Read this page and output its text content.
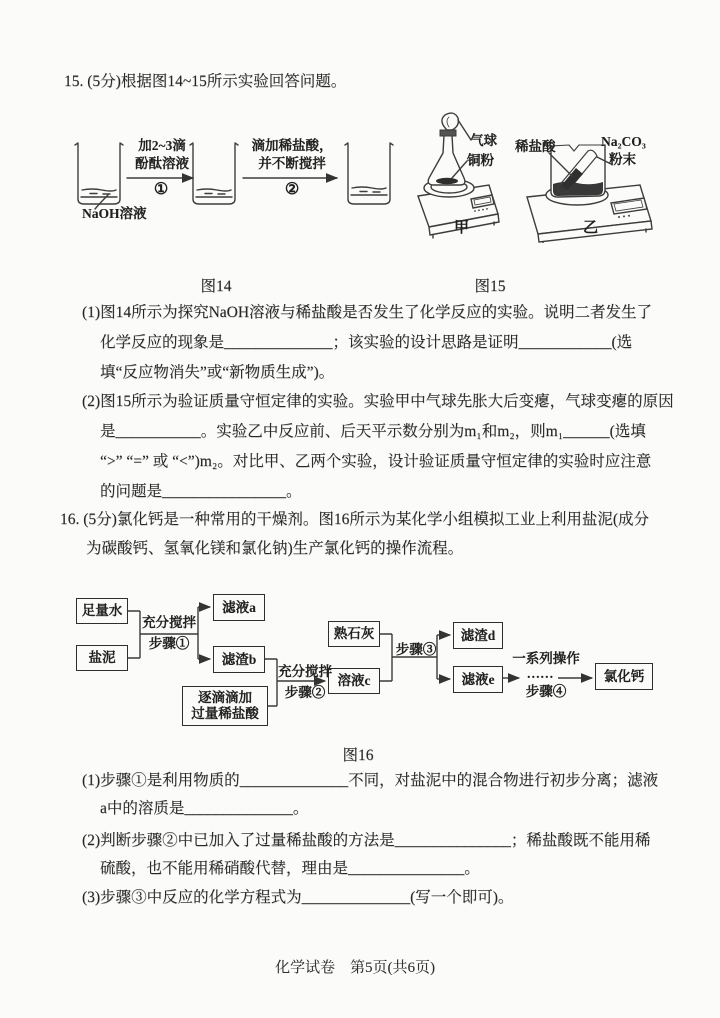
15. (5分)根据图14~15所示实验回答问题。
加2~3滴
酚酞溶液
①
滴加稀盐酸，
并不断搅拌
②
NaOH溶液
气球
铜粉
甲
稀盐酸	Na₂CO₃
粉末
乙
图14	图15
(1)图14所示为探究NaOH溶液与稀盐酸是否发生了化学反应的实验。说明二者发生了
化学反应的现象是______________；该实验的设计思路是证明____________(选
填“反应物消失”或“新物质生成”)。
(2)图15所示为验证质量守恒定律的实验。实验甲中气球先胀大后变瘪，气球变瘪的原因
是___________。实验乙中反应前、后天平示数分别为m₁和m₂，则m₁______(选填
“>” “=” 或 “<”)m₂。对比甲、乙两个实验，设计验证质量守恒定律的实验时应注意
的问题是________________。
16. (5分)氯化钙是一种常用的干燥剂。图16所示为某化学小组模拟工业上利用盐泥(成分
为碳酸钙、氢氧化镁和氯化钠)生产氯化钙的操作流程。
足量水
盐泥
滤液a
滤渣b
逐滴滴加
过量稀盐酸
熟石灰
溶液c
滤渣d
滤液e	氯化钙
充分搅拌
步骤①
充分搅拌
步骤②
步骤③
一系列操作
……
步骤④
图16
(1)步骤①是利用物质的______________不同，对盐泥中的混合物进行初步分离；滤液
a中的溶质是______________。
(2)判断步骤②中已加入了过量稀盐酸的方法是_______________；稀盐酸既不能用稀
硫酸，也不能用稀硝酸代替，理由是_______________。
(3)步骤③中反应的化学方程式为______________(写一个即可)。
化学试卷　第5页(共6页)
